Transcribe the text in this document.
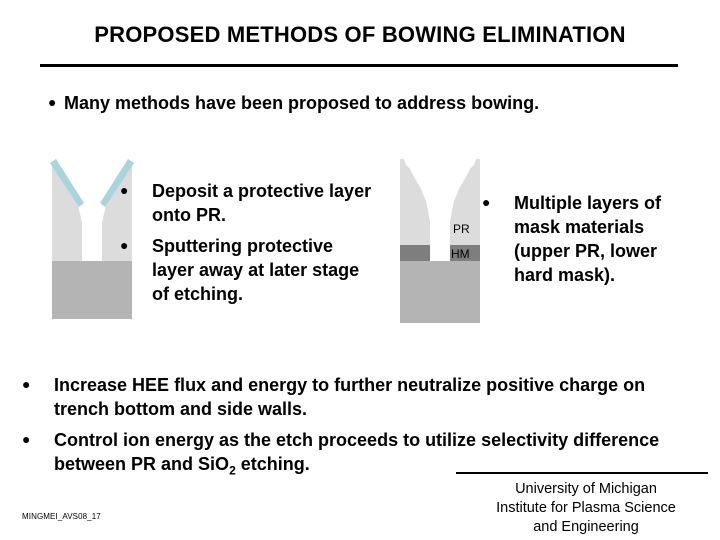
PROPOSED METHODS OF BOWING ELIMINATION
● Many methods have been proposed to address bowing.
● Deposit a protective layer onto PR.
● Sputtering protective layer away at later stage of etching.
PR
HM
● Multiple layers of mask materials (upper PR, lower hard mask).
● Increase HEE flux and energy to further neutralize positive charge on trench bottom and side walls.
● Control ion energy as the etch proceeds to utilize selectivity difference between PR and SiO$_2$ etching.
MINGMEI_AVS08_17
University of Michigan
Institute for Plasma Science
and Engineering
